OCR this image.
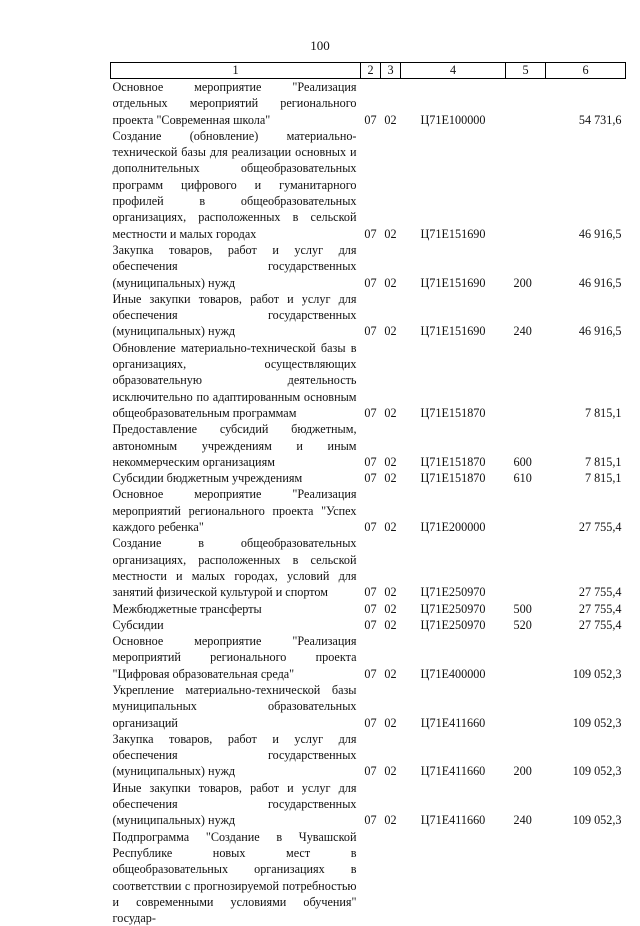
100
1	2	3	4	5	6
Основное мероприятие "Реализация отдельных мероприятий регионального проекта "Современная школа"	07	02	Ц71E100000		54 731,6
Создание (обновление) материально-технической базы для реализации основных и дополнительных общеобразовательных программ цифрового и гуманитарного профилей в общеобразовательных организациях, расположенных в сельской местности и малых городах	07	02	Ц71E151690		46 916,5
Закупка товаров, работ и услуг для обеспечения государственных (муниципальных) нужд	07	02	Ц71E151690	200	46 916,5
Иные закупки товаров, работ и услуг для обеспечения государственных (муниципальных) нужд	07	02	Ц71E151690	240	46 916,5
Обновление материально-технической базы в организациях, осуществляющих образовательную деятельность исключительно по адаптированным основным общеобразовательным программам	07	02	Ц71E151870		7 815,1
Предоставление субсидий бюджетным, автономным учреждениям и иным некоммерческим организациям	07	02	Ц71E151870	600	7 815,1
Субсидии бюджетным учреждениям	07	02	Ц71E151870	610	7 815,1
Основное мероприятие "Реализация мероприятий регионального проекта "Успех каждого ребенка"	07	02	Ц71E200000		27 755,4
Создание в общеобразовательных организациях, расположенных в сельской местности и малых городах, условий для занятий физической культурой и спортом	07	02	Ц71E250970		27 755,4
Межбюджетные трансферты	07	02	Ц71E250970	500	27 755,4
Субсидии	07	02	Ц71E250970	520	27 755,4
Основное мероприятие "Реализация мероприятий регионального проекта "Цифровая образовательная среда"	07	02	Ц71E400000		109 052,3
Укрепление материально-технической базы муниципальных образовательных организаций	07	02	Ц71E411660		109 052,3
Закупка товаров, работ и услуг для обеспечения государственных (муниципальных) нужд	07	02	Ц71E411660	200	109 052,3
Иные закупки товаров, работ и услуг для обеспечения государственных (муниципальных) нужд	07	02	Ц71E411660	240	109 052,3
Подпрограмма "Создание в Чувашской Республике новых мест в общеобразовательных организациях в соответствии с прогнозируемой потребностью и современными условиями обучения" государ-					
